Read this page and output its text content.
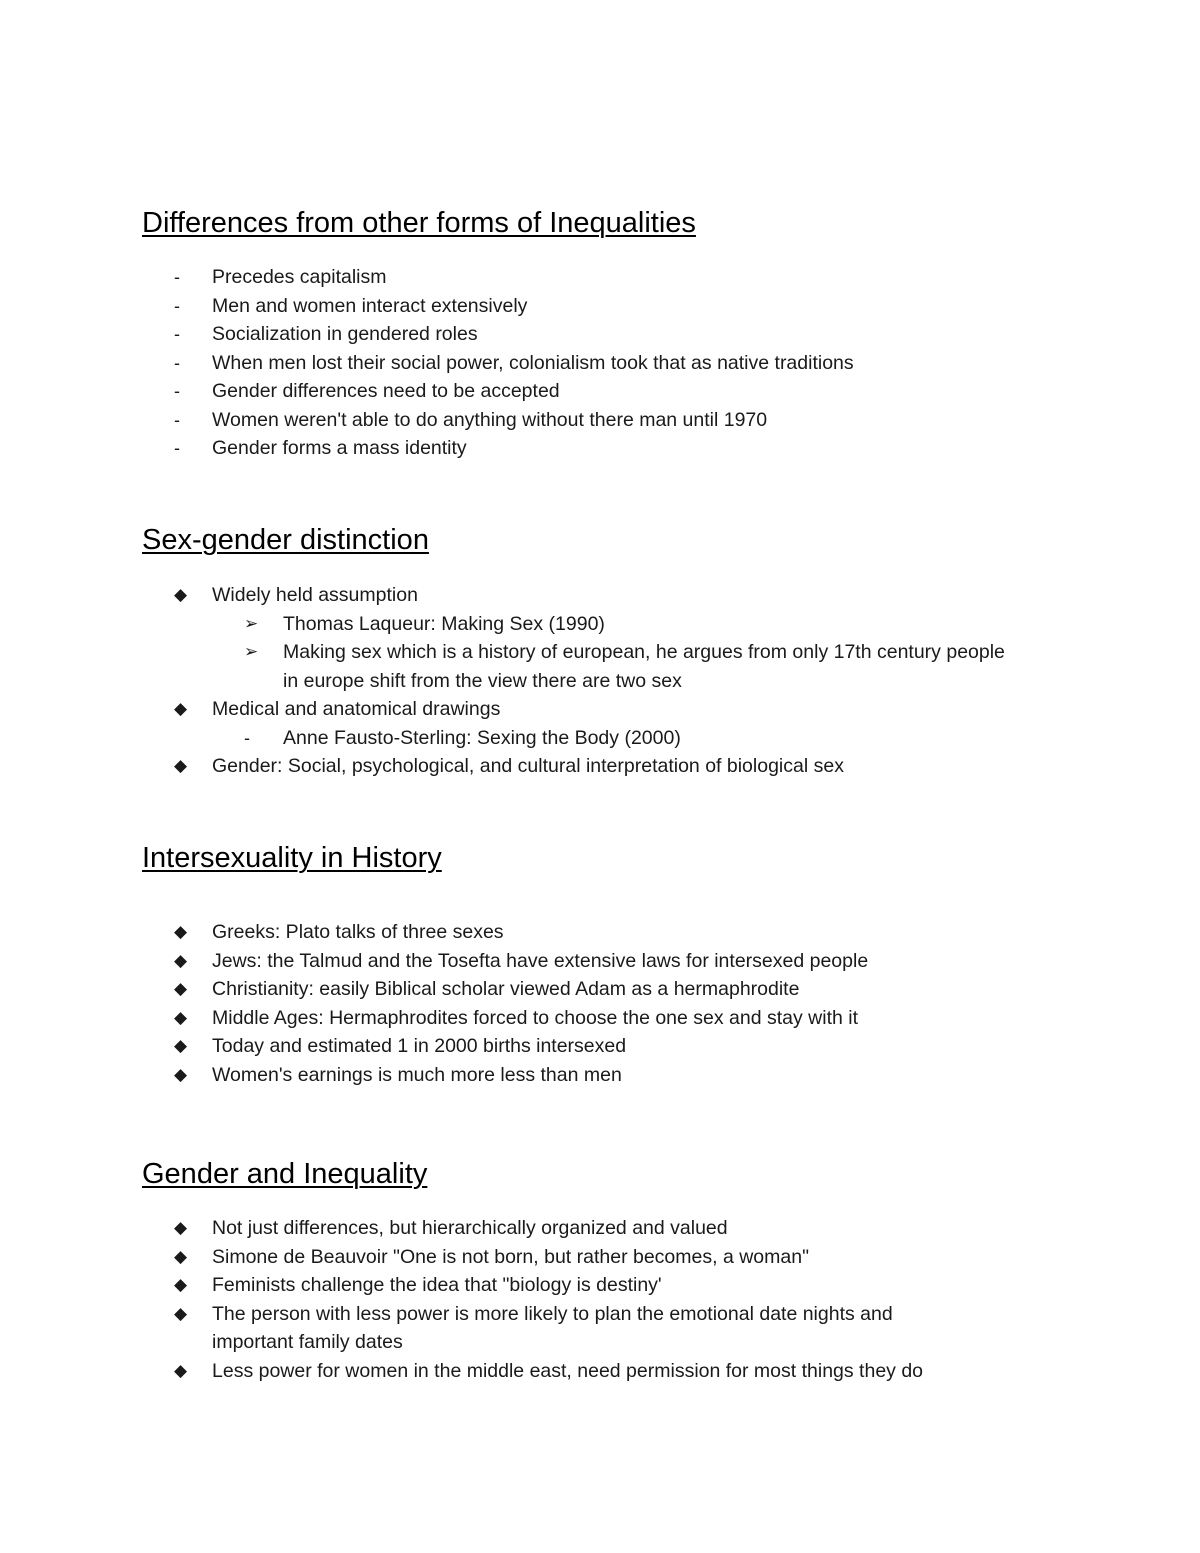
Differences from other forms of Inequalities
- Precedes capitalism
- Men and women interact extensively
- Socialization in gendered roles
- When men lost their social power, colonialism took that as native traditions
- Gender differences need to be accepted
- Women weren't able to do anything without there man until 1970
- Gender forms a mass identity
Sex-gender distinction
◆ Widely held assumption
➢ Thomas Laqueur: Making Sex (1990)
➢ Making sex which is a history of european, he argues from only 17th century people in europe shift from the view there are two sex
◆ Medical and anatomical drawings
- Anne Fausto-Sterling: Sexing the Body (2000)
◆ Gender: Social, psychological, and cultural interpretation of biological sex
Intersexuality in History
◆ Greeks: Plato talks of three sexes
◆ Jews: the Talmud and the Tosefta have extensive laws for intersexed people
◆ Christianity: easily Biblical scholar viewed Adam as a hermaphrodite
◆ Middle Ages: Hermaphrodites forced to choose the one sex and stay with it
◆ Today and estimated 1 in 2000 births intersexed
◆ Women's earnings is much more less than men
Gender and Inequality
◆ Not just differences, but hierarchically organized and valued
◆ Simone de Beauvoir "One is not born, but rather becomes, a woman"
◆ Feminists challenge the idea that "biology is destiny'
◆ The person with less power is more likely to plan the emotional date nights and important family dates
◆ Less power for women in the middle east, need permission for most things they do
